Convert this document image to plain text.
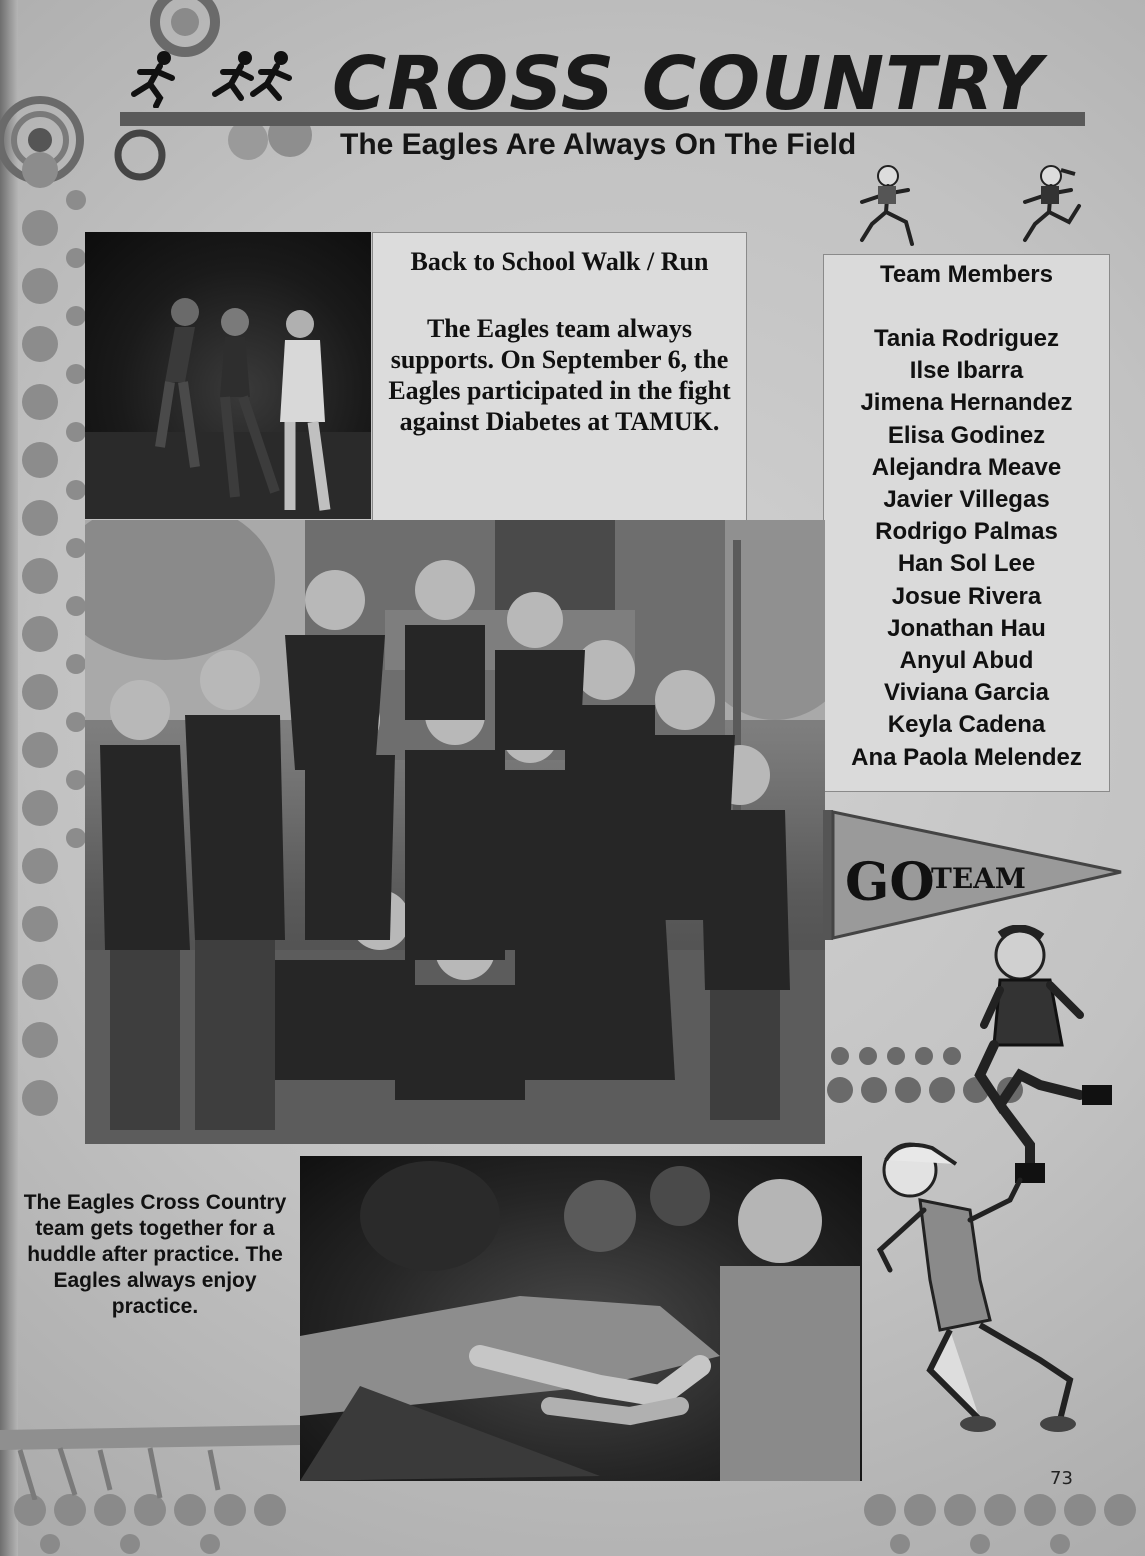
CROSS COUNTRY
The Eagles Are Always On The Field
Back to School Walk / Run
The Eagles team always supports. On September 6, the Eagles participated in the fight against Diabetes at TAMUK.
Team Members
Tania Rodriguez
Ilse Ibarra
Jimena Hernandez
Elisa Godinez
Alejandra Meave
Javier Villegas
Rodrigo Palmas
Han Sol Lee
Josue Rivera
Jonathan Hau
Anyul Abud
Viviana Garcia
Keyla Cadena
Ana Paola Melendez
GO
TEAM
The Eagles Cross Country team gets together for a huddle after practice. The Eagles always enjoy practice.
73
